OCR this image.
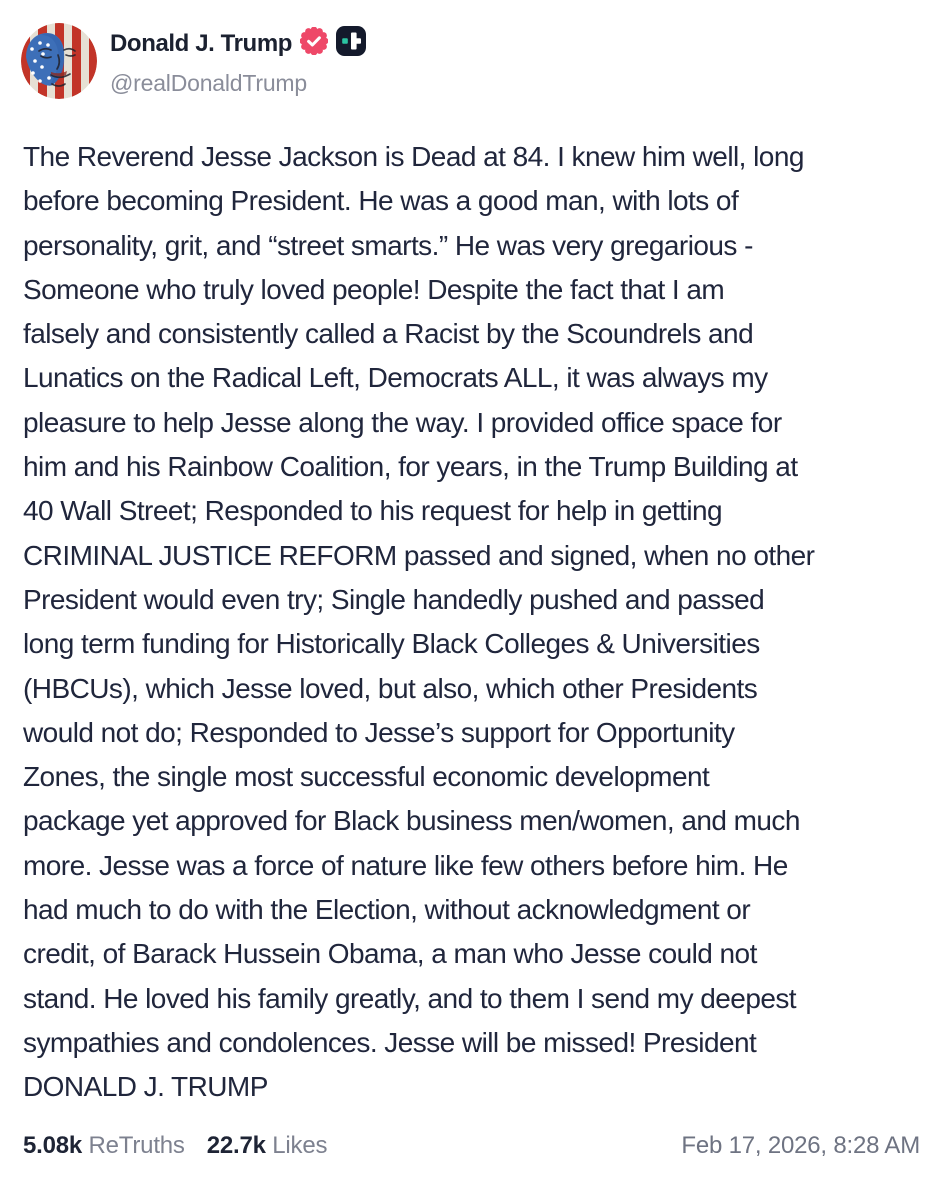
Donald J. Trump
@realDonaldTrump
The Reverend Jesse Jackson is Dead at 84. I knew him well, long
before becoming President. He was a good man, with lots of
personality, grit, and “street smarts.” He was very gregarious -
Someone who truly loved people! Despite the fact that I am
falsely and consistently called a Racist by the Scoundrels and
Lunatics on the Radical Left, Democrats ALL, it was always my
pleasure to help Jesse along the way. I provided office space for
him and his Rainbow Coalition, for years, in the Trump Building at
40 Wall Street; Responded to his request for help in getting
CRIMINAL JUSTICE REFORM passed and signed, when no other
President would even try; Single handedly pushed and passed
long term funding for Historically Black Colleges & Universities
(HBCUs), which Jesse loved, but also, which other Presidents
would not do; Responded to Jesse’s support for Opportunity
Zones, the single most successful economic development
package yet approved for Black business men/women, and much
more. Jesse was a force of nature like few others before him. He
had much to do with the Election, without acknowledgment or
credit, of Barack Hussein Obama, a man who Jesse could not
stand. He loved his family greatly, and to them I send my deepest
sympathies and condolences. Jesse will be missed! President
DONALD J. TRUMP
5.08k ReTruths 22.7k Likes	Feb 17, 2026, 8:28 AM
